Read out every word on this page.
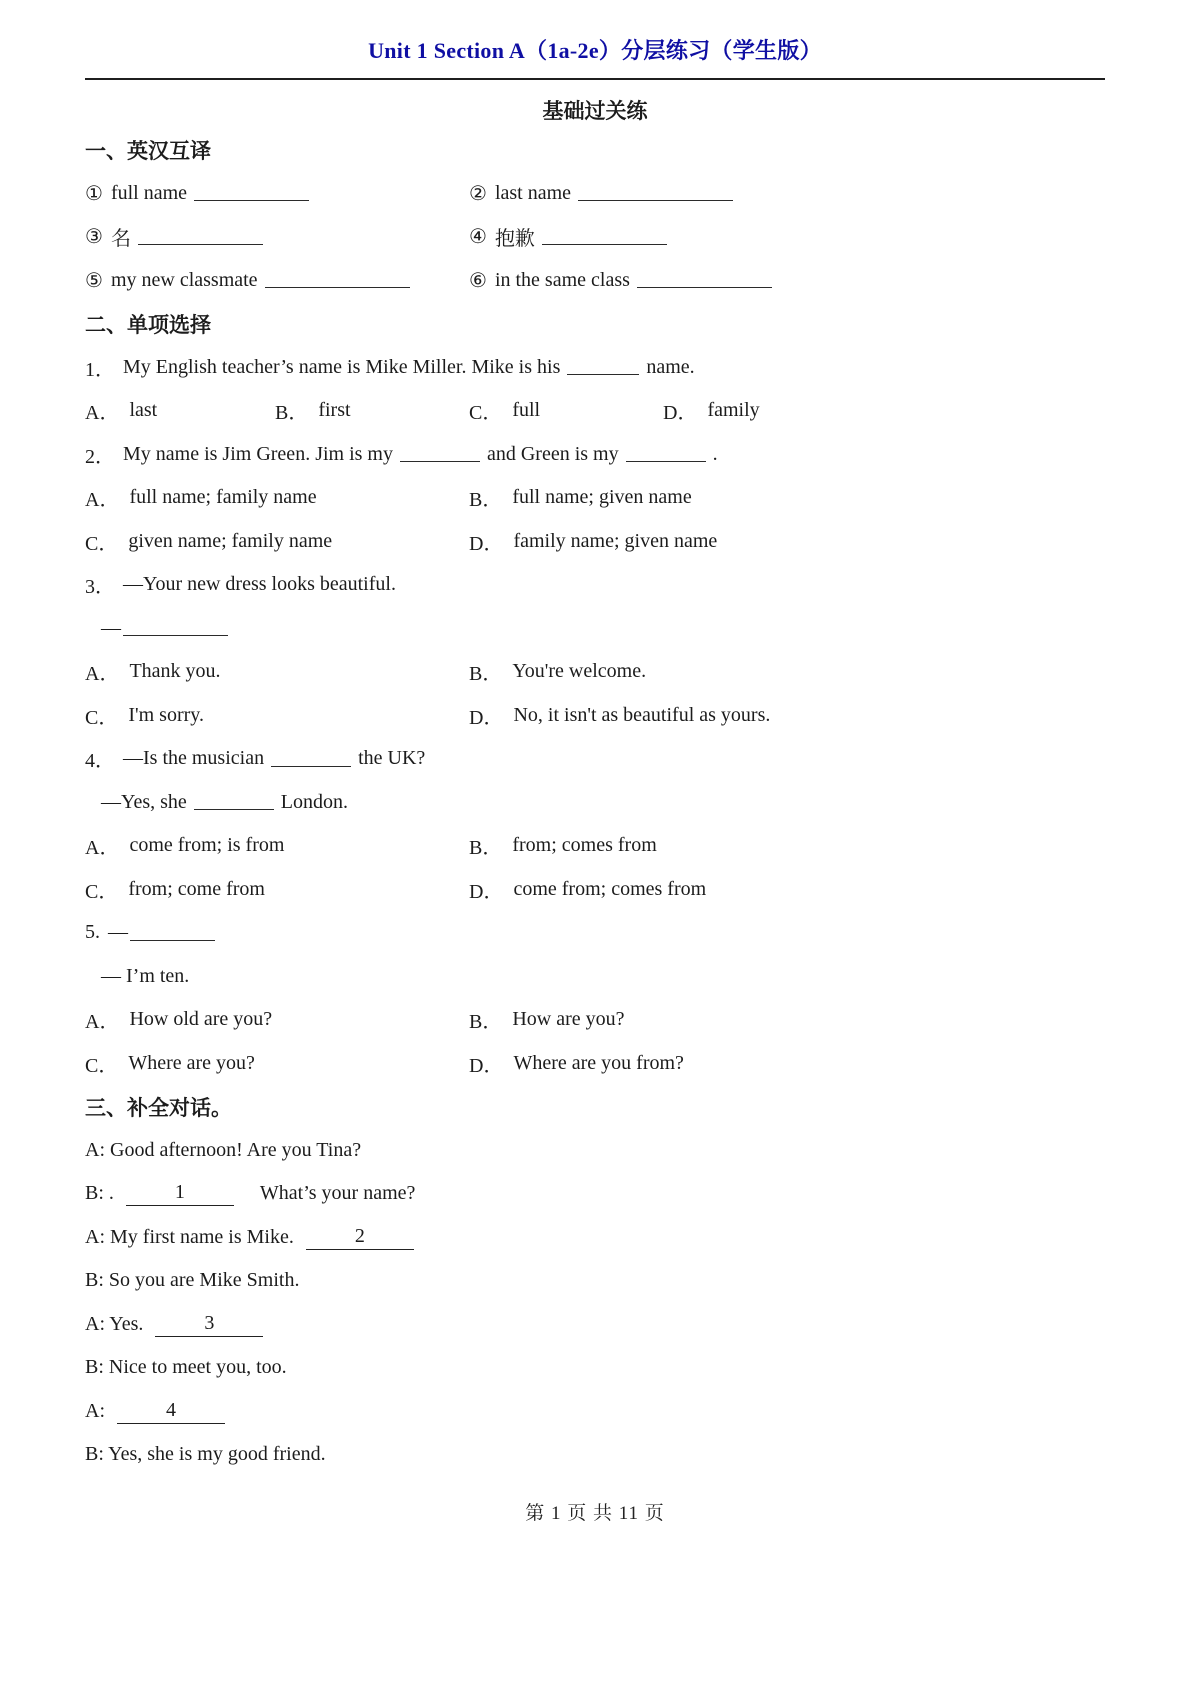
Unit 1 Section A（1a-2e）分层练习（学生版）
基础过关练
一、英汉互译
① full name	② last name
③ 名	④ 抱歉
⑤ my new classmate	⑥ in the same class
二、单项选择
1． My English teacher’s name is Mike Miller. Mike is his	name.
A． last	B． first	C． full	D． family
2． My name is Jim Green. Jim is my	and Green is my	.
A． full name; family name	B． full name; given name
C． given name; family name	D． family name; given name
3． —Your new dress looks beautiful.
—
A． Thank you.	B． You're welcome.
C． I'm sorry.	D． No, it isn't as beautiful as yours.
4． —Is the musician	the UK?
—Yes, she	London.
A． come from; is from	B． from; comes from
C． from; come from	D． come from; comes from
5. —
— I’m ten.
A． How old are you?	B． How are you?
C． Where are you?	D． Where are you from?
三、补全对话。
A: Good afternoon! Are you Tina?
B: .	1	What’s your name?
A: My first name is Mike.	2
B: So you are Mike Smith.
A: Yes.	3
B: Nice to meet you, too.
A:	4
B: Yes, she is my good friend.
第 1 页 共 11 页
